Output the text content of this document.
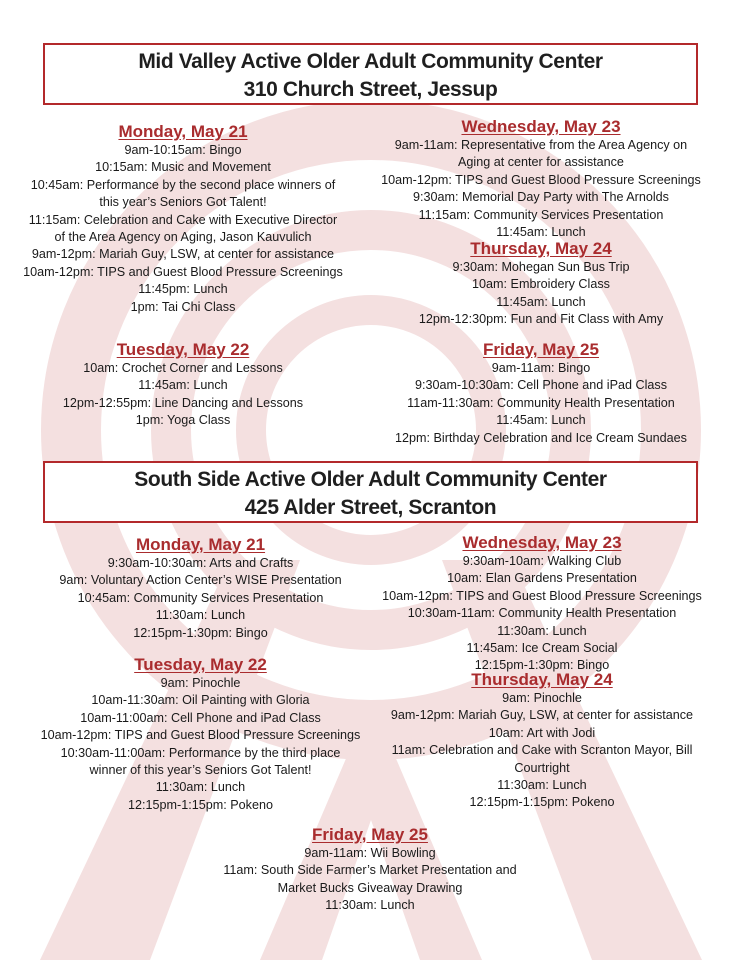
Mid Valley Active Older Adult Community Center
310 Church Street, Jessup
Monday, May 21
9am-10:15am: Bingo
10:15am: Music and Movement
10:45am: Performance by the second place winners of
this year’s Seniors Got Talent!
11:15am: Celebration and Cake with Executive Director
of the Area Agency on Aging, Jason Kauvulich
9am-12pm: Mariah Guy, LSW, at center for assistance
10am-12pm: TIPS and Guest Blood Pressure Screenings
11:45pm: Lunch
1pm: Tai Chi Class
Tuesday, May 22
10am: Crochet Corner and Lessons
11:45am: Lunch
12pm-12:55pm: Line Dancing and Lessons
1pm: Yoga Class
Wednesday, May 23
9am-11am: Representative from the Area Agency on
Aging at center for assistance
10am-12pm: TIPS and Guest Blood Pressure Screenings
9:30am: Memorial Day Party with The Arnolds
11:15am: Community Services Presentation
11:45am: Lunch
Thursday, May 24
9:30am: Mohegan Sun Bus Trip
10am: Embroidery Class
11:45am: Lunch
12pm-12:30pm: Fun and Fit Class with Amy
Friday, May 25
9am-11am: Bingo
9:30am-10:30am: Cell Phone and iPad Class
11am-11:30am: Community Health Presentation
11:45am: Lunch
12pm: Birthday Celebration and Ice Cream Sundaes
South Side Active Older Adult Community Center
425 Alder Street, Scranton
Monday, May 21
9:30am-10:30am: Arts and Crafts
9am: Voluntary Action Center’s WISE Presentation
10:45am: Community Services Presentation
11:30am: Lunch
12:15pm-1:30pm: Bingo
Tuesday, May 22
9am: Pinochle
10am-11:30am: Oil Painting with Gloria
10am-11:00am: Cell Phone and iPad Class
10am-12pm: TIPS and Guest Blood Pressure Screenings
10:30am-11:00am: Performance by the third place
winner of this year’s Seniors Got Talent!
11:30am: Lunch
12:15pm-1:15pm: Pokeno
Wednesday, May 23
9:30am-10am: Walking Club
10am: Elan Gardens Presentation
10am-12pm: TIPS and Guest Blood Pressure Screenings
10:30am-11am: Community Health Presentation
11:30am: Lunch
11:45am: Ice Cream Social
12:15pm-1:30pm: Bingo
Thursday, May 24
9am: Pinochle
9am-12pm: Mariah Guy, LSW, at center for assistance
10am: Art with Jodi
11am: Celebration and Cake with Scranton Mayor, Bill
Courtright
11:30am: Lunch
12:15pm-1:15pm: Pokeno
Friday, May 25
9am-11am: Wii Bowling
11am: South Side Farmer’s Market Presentation and
Market Bucks Giveaway Drawing
11:30am: Lunch
